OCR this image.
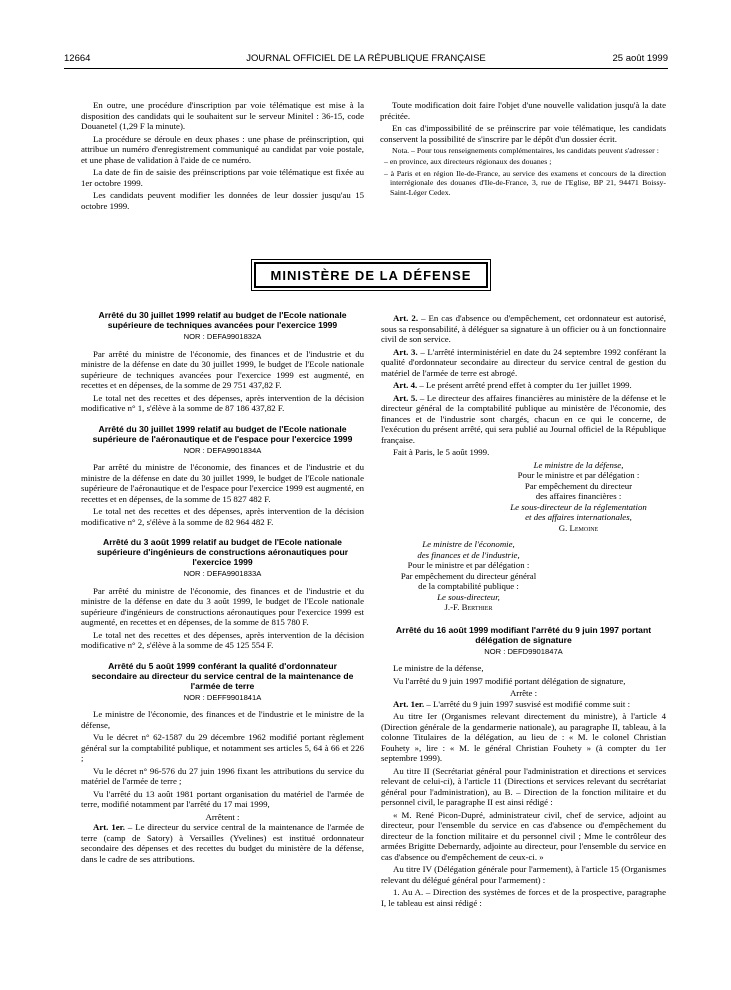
12664	JOURNAL OFFICIEL DE LA RÉPUBLIQUE FRANÇAISE	25 août 1999

En outre, une procédure d'inscription par voie télématique est mise à la disposition des candidats qui le souhaitent sur le serveur Minitel : 36-15, code Douanetel (1,29 F la minute).

La procédure se déroule en deux phases : une phase de préinscription, qui attribue un numéro d'enregistrement communiqué au candidat par voie postale, et une phase de validation à l'aide de ce numéro.

La date de fin de saisie des préinscriptions par voie télématique est fixée au 1er octobre 1999.

Les candidats peuvent modifier les données de leur dossier jusqu'au 15 octobre 1999.

Toute modification doit faire l'objet d'une nouvelle validation jusqu'à la date précitée.

En cas d'impossibilité de se préinscrire par voie télématique, les candidats conservent la possibilité de s'inscrire par le dépôt d'un dossier écrit.

Nota. – Pour tous renseignements complémentaires, les candidats peuvent s'adresser :

– en province, aux directeurs régionaux des douanes ;

– à Paris et en région Ile-de-France, au service des examens et concours de la direction interrégionale des douanes d'Ile-de-France, 3, rue de l'Eglise, BP 21, 94471 Boissy-Saint-Léger Cedex.

MINISTÈRE DE LA DÉFENSE
Arrêté du 30 juillet 1999 relatif au budget de l'Ecole nationale supérieure de techniques avancées pour l'exercice 1999
NOR : DEFA9901832A

Par arrêté du ministre de l'économie, des finances et de l'industrie et du ministre de la défense en date du 30 juillet 1999, le budget de l'Ecole nationale supérieure de techniques avancées pour l'exercice 1999 est augmenté, en recettes et en dépenses, de la somme de 29 751 437,82 F.

Le total net des recettes et des dépenses, après intervention de la décision modificative n° 1, s'élève à la somme de 87 186 437,82 F.

Arrêté du 30 juillet 1999 relatif au budget de l'Ecole nationale supérieure de l'aéronautique et de l'espace pour l'exercice 1999
NOR : DEFA9901834A

Par arrêté du ministre de l'économie, des finances et de l'industrie et du ministre de la défense en date du 30 juillet 1999, le budget de l'Ecole nationale supérieure de l'aéronautique et de l'espace pour l'exercice 1999 est augmenté, en recettes et en dépenses, de la somme de 15 827 482 F.

Le total net des recettes et des dépenses, après intervention de la décision modificative n° 2, s'élève à la somme de 82 964 482 F.

Arrêté du 3 août 1999 relatif au budget de l'Ecole nationale supérieure d'ingénieurs de constructions aéronautiques pour l'exercice 1999
NOR : DEFA9901833A

Par arrêté du ministre de l'économie, des finances et de l'industrie et du ministre de la défense en date du 3 août 1999, le budget de l'Ecole nationale supérieure d'ingénieurs de constructions aéronautiques pour l'exercice 1999 est augmenté, en recettes et en dépenses, de la somme de 815 780 F.

Le total net des recettes et des dépenses, après intervention de la décision modificative n° 2, s'élève à la somme de 45 125 554 F.

Arrêté du 5 août 1999 conférant la qualité d'ordonnateur secondaire au directeur du service central de la maintenance de l'armée de terre
NOR : DEFF9901841A

Le ministre de l'économie, des finances et de l'industrie et le ministre de la défense,

Vu le décret n° 62-1587 du 29 décembre 1962 modifié portant règlement général sur la comptabilité publique, et notamment ses articles 5, 64 à 66 et 226 ;

Vu le décret n° 96-576 du 27 juin 1996 fixant les attributions du service du matériel de l'armée de terre ;

Vu l'arrêté du 13 août 1981 portant organisation du matériel de l'armée de terre, modifié notamment par l'arrêté du 17 mai 1999,

Arrêtent :

Art. 1er. – Le directeur du service central de la maintenance de l'armée de terre (camp de Satory) à Versailles (Yvelines) est institué ordonnateur secondaire des dépenses et des recettes du budget du ministère de la défense, dans le cadre de ses attributions.

Art. 2. – En cas d'absence ou d'empêchement, cet ordonnateur est autorisé, sous sa responsabilité, à déléguer sa signature à un officier ou à un fonctionnaire civil de son service.

Art. 3. – L'arrêté interministériel en date du 24 septembre 1992 conférant la qualité d'ordonnateur secondaire au directeur du service central de gestion du matériel de l'armée de terre est abrogé.

Art. 4. – Le présent arrêté prend effet à compter du 1er juillet 1999.

Art. 5. – Le directeur des affaires financières au ministère de la défense et le directeur général de la comptabilité publique au ministère de l'économie, des finances et de l'industrie sont chargés, chacun en ce qui le concerne, de l'exécution du présent arrêté, qui sera publié au Journal officiel de la République française.

Fait à Paris, le 5 août 1999.

Le ministre de la défense,

Pour le ministre et par délégation :

Par empêchement du directeur

des affaires financières :

Le sous-directeur de la réglementation

et des affaires internationales,

G. Lemoine

Le ministre de l'économie,

des finances et de l'industrie,

Pour le ministre et par délégation :

Par empêchement du directeur général

de la comptabilité publique :

Le sous-directeur,

J.-F. Berthier

Arrêté du 16 août 1999 modifiant l'arrêté du 9 juin 1997 portant délégation de signature
NOR : DEFD9901847A

Le ministre de la défense,

Vu l'arrêté du 9 juin 1997 modifié portant délégation de signature,

Arrête :

Art. 1er. – L'arrêté du 9 juin 1997 susvisé est modifié comme suit :

Au titre Ier (Organismes relevant directement du ministre), à l'article 4 (Direction générale de la gendarmerie nationale), au paragraphe II, tableau, à la colonne Titulaires de la délégation, au lieu de : « M. le colonel Christian Fouhety », lire : « M. le général Christian Fouhety » (à compter du 1er septembre 1999).

Au titre II (Secrétariat général pour l'administration et directions et services relevant de celui-ci), à l'article 11 (Directions et services relevant du secrétariat général pour l'administration), au B. – Direction de la fonction militaire et du personnel civil, le paragraphe II est ainsi rédigé :

« M. René Picon-Dupré, administrateur civil, chef de service, adjoint au directeur, pour l'ensemble du service en cas d'absence ou d'empêchement du directeur de la fonction militaire et du personnel civil ; Mme le contrôleur des armées Brigitte Debernardy, adjointe au directeur, pour l'ensemble du service en cas d'absence ou d'empêchement de ceux-ci. »

Au titre IV (Délégation générale pour l'armement), à l'article 15 (Organismes relevant du délégué général pour l'armement) :

1. Au A. – Direction des systèmes de forces et de la prospective, paragraphe I, le tableau est ainsi rédigé :
